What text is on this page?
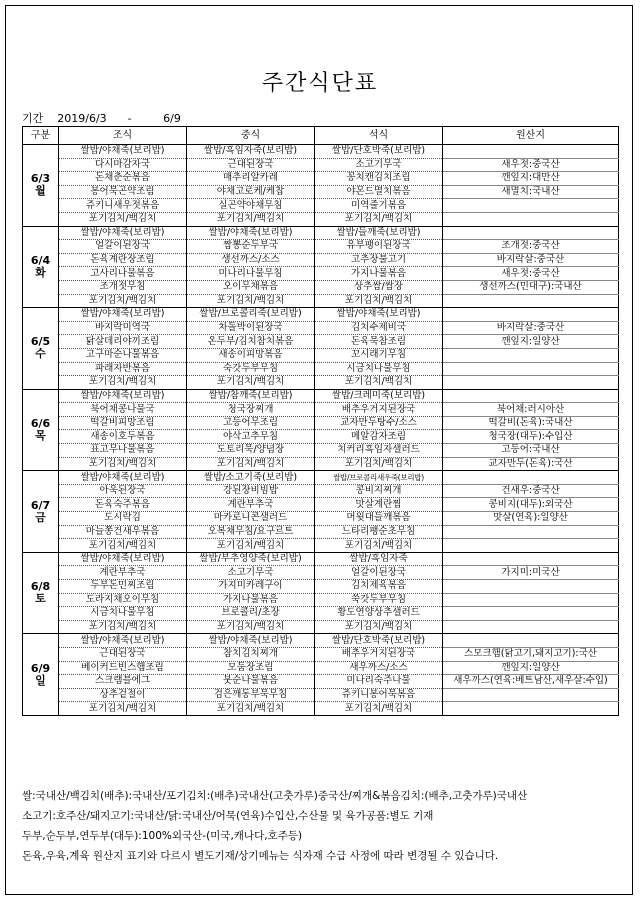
주간식단표
기간 2019/6/3 -	6/9
구분	조식	중식	석식	원산지

6/3
월	쌀밥/야채죽(보리밥)	쌀밥/흑임자죽(보리밥)	쌀밥/단호박죽(보리밥)	
	다시마감자국	근대된장국	소고기무국	새우젓:중국산
	돈채춘순볶음	매추리알카레	꽁치캔김치조림	깬잎지:대만산
	봉어묵곤약조림	야채고로케/케찹	야몬드멸치볶음	새멸치:국내산
	쥬키니새우젓볶음	실곤약야채무침	미역줄기볶음	
	포기김치/백김치	포기김치/백김치	포기김치/백김치	

6/4
화	쌀밥/야채죽(보리밥)	쌀밥/야채죽(보리밥)	쌀밥/들깨죽(보리밥)	
	얼갈이된장국	짬뽕순두부국	유부팽이된장국	조개젓:중국산
	돈육계란장조림	생선까스/소스	고추장불고기	바지락살:중국산
	고사리나물볶음	미나리나물무침	가지나물볶음	새우젓:중국산
	조개젓무침	오이무채볶음	상추쌈/쌈장	생선까스(민대구):국내산
	포기김치/백김치	포기김치/백김치	포기김치/백김치	

6/5
수	쌀밥/야채죽(보리밥)	쌀밥/브로콜리죽(보리밥)	쌀밥/야채죽(보리밥)	
	바지락미역국	차돌박이된장국	김치수제비국	바지락살:중국산
	닭살데리야끼조림	온두부/김치참치볶음	돈육묵참조림	깬잎지:일양산
	고구마순나물볶음	새송이피망볶음	꼬시래기무침	
	파래자반볶음	숙갓두부무침	시금치나물무침	
	포기김치/백김치	포기김치/백김치	포기김치/백김치	

6/6
목	쌀밥/야채죽(보리밥)	쌀밥/참깨죽(보리밥)	쌀밥/크레미죽(보리밥)	
	북어채콩나물국	청국장찌개	배추우거지된장국	북어채:러시아산
	떡갈비피망조림	고등어무조림	교자만두탕수/소스	떡갈비(돈육):국내산
	새송이호두볶음	야삭고추무침	메알감자조림	청국장(대두):수입산
	표고무나물볶음	도토리묵/양념장	치커리흑임자샐러드	고등어:국내산
	포기김치/백김치	포기김치/백김치	포기김치/백김치	교자만두(돈육):국산

6/7
금	쌀밥/야채죽(보리밥)	쌀밥/소고기죽(보리밥)	쌀밥/브로콜리새우죽(보리밥)	
	아욱된장국	강된장비빔밥	콩비지찌개	건새우:중국산
	돈육숙주볶음	계란부추국	맛살계란찜	콩비지(대두):외국산
	도시락김	마카로니콘샐러드	머윗대들깨볶음	맛살(연육):일양산
	마늘쫑건새우볶음	오복채무침/요구르트	느타리팽순초무침	
	포기김치/백김치	포기김치/백김치	포기김치/백김치	

6/8
토	쌀밥/야채죽(보리밥)	쌀밥/부추영양죽(보리밥)	쌀밥/흑임자죽	
	계란부추국	소고기무국	얼갈이된장국	가지미:미국산
	두부돈민찌조림	가지미카레구이	김치제육볶음	
	도라지채오이무침	가지나물볶음	쑥갓두부무침	
	시금치나물무침	브로콜리/초장	황도연양상추샐러드	
	포기김치/백김치	포기김치/백김치	포기김치/백김치	

6/9
일	쌀밥/야채죽(보리밥)	쌀밥/야채죽(보리밥)	쌀밥/단호박죽(보리밥)	
	근대된장국	참치김치찌개	배추우거지된장국	스모크햄(닭고기,돼지고기):국산
	베이커드빈스햄조림	모둠장조림	새우까스/소스	깬잎지:일양산
	스크램블에그	붓순나물볶음	미나리숙주나물	새우까스(연육:베트남산,새우살:수입)
	상추겉절이	검은깨동부묵무침	쥬키니봉어묵볶음	
	포기김치/백김치	포기김치/백김치	포기김치/백김치	
쌀:국내산/백김치(배추):국내산/포기김치:(배추)국내산(고춧가루)중국산/찌개&볶음김치:(배추,고춧가루)국내산
소고기:호주산/돼지고기:국내산/닭:국내산/어묵(연육)수입산,수산물 및 육가공품:별도 기재
두부,순두부,연두부(대두):100%외국산-(미국,캐나다,호주등)
돈육,우육,계육 원산지 표기와 다르시 별도기재/상기메뉴는 식자재 수급 사정에 따라 변경될 수 있습니다.
